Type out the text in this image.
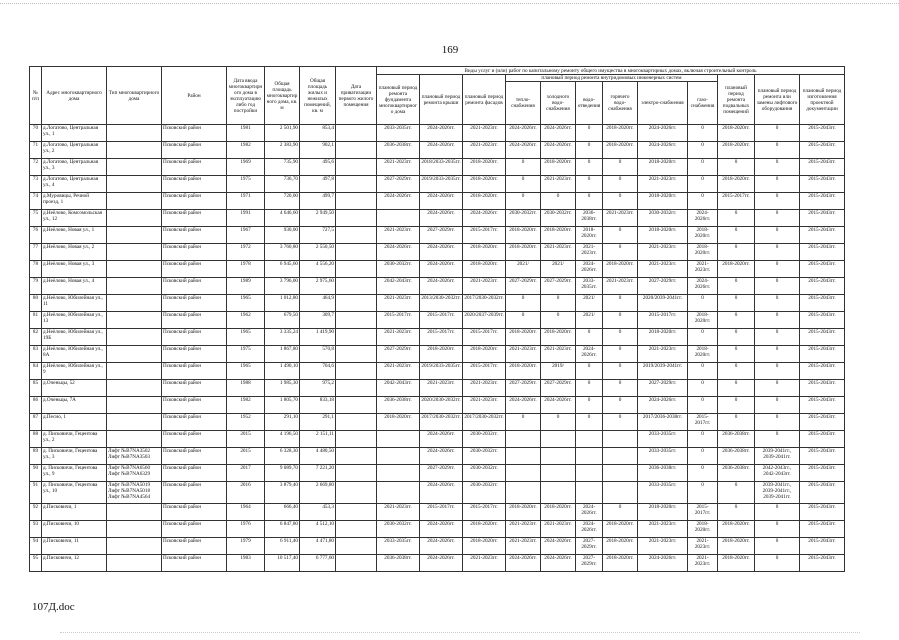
169
№ п/п	Адрес многоквартирного дома	Тип многоквартирного дома	Район	Дата ввода многоквартирного дома в эксплуатацию либо год постройки	Общая площадь многоквартирного дома, кв. м	Общая площадь жилых и нежилых помещений, кв. м	Дата приватизации первого жилого помещения	Виды услуг и (или) работ по капитальному ремонту общего имущества в многоквартирных домах, включая строительный контроль											
								плановый период ремонта фундамента многоквартирного дома	плановый период ремонта крыши	плановый период ремонта фасадов	плановый период ремонта внутридомовых инженерных систем						плановый период ремонта подвальных помещений	плановый период ремонта или замены лифтового оборудования	плановый период изготовления проектной документации
											тепло-снабжения	холодного водо-снабжения	водо-отведения	горячего водо-снабжения	электро-снабжения	газо-снабжения			
70	д.Логатово, Центральная ул., 1		Псковский район	1981	2 501,90	853,4		2033-2035гг.	2024-2026гг.	2021-2023гг.	2024-2026гг.	2024-2026гг.	0	2018-2020гг.	2024-2026гг.	0	2018-2020гг.	0	2015-2043гг.
71	д.Логатово, Центральная ул., 2		Псковский район	1982	2 383,90	902,1		2036-2038гг.	2024-2026гг.	2021-2023гг.	2024-2026гг.	2024-2026гг.	0	2018-2020гг.	2024-2026гг.	0	2018-2020гг.	0	2015-2043гг.
72	д.Логатово, Центральная ул., 3		Псковский район	1969	735,90	495,6		2021-2023гг.	2018/2033-2035гг.	2018-2020гг.	0	2018-2020гг.	0	0	2018-2020гг.	0	0	0	2015-2043гг.
73	д.Логатово, Центральная ул., 4		Псковский район	1975	736,70	497,8		2027-2029гг.	2019/2033-2035гг.	2018-2020гг.	0	2021-2023гг.	0	0	2021-2023гг.	0	2018-2020гг.	0	2015-2043гг.
74	д.Муровицы, Речной проезд, 1		Псковский район	1971	720,00	499,7		2024-2026гг.	2024-2026гг.	2018-2020гг.	0	0	0	0	2018-2020гг.	0	2015-2017гг.	0	2015-2043гг.
75	д.Неёлово, Комсомольская ул., 12		Псковский район	1991	4 646,60	2 949,50			2024-2026гг.	2024-2026гг.	2030-2032гг.	2030-2032гг.	2036-2038гг.	2021-2023гг.	2030-2032гг.	2024-2026гг.	0	0	2015-2043гг.
76	д.Неёлово, Новая ул., 1		Псковский район	1967	930,00	727,5		2021-2023гг.	2027-2029гг.	2015-2017гг.	2018-2020гг.	2018-2020гг.	2018-2020гг.	0	2018-2020гг.	2018-2020гг.	0	0	2015-2043гг.
77	д.Неёлово, Новая ул., 2		Псковский район	1972	3 760,80	2 550,50		2024-2026гг.	2024-2026гг.	2018-2020гг.	2018-2020гг.	2021-2023гг.	2021-2023гг.	0	2021-2023гг.	2018-2020гг.	0	0	2015-2043гг.
78	д.Неёлово, Новая ул., 3		Псковский район	1978	6 945,60	4 556,20		2030-2032гг.	2024-2026гг.	2018-2020гг.	2021/	2021/	2024-2026гг.	2018-2020гг.	2021-2023гг.	2021-2023гг.	2018-2020гг.	0	2015-2043гг.
79	д.Неёлово, Новая ул., 4		Псковский район	1989	3 796,00	2 975,60		2042-2043гг.	2024-2026гг.	2021-2023гг.	2027-2029гг.	2027-2029гг.	2033-2035гг.	2021-2023гг.	2027-2029гг.	2024-2026гг.	0	0	2015-2043гг.
80	д.Неёлово, Юбилейная ул., 11		Псковский район	1965	1 012,80	464,9		2021-2023гг.	2013/2030-2032гг.	2017/2030-2032гг.	0	0	2021/	0	2020/2039-2041гг.	0	0	0	2015-2043гг.
81	д.Неёлово, Юбилейная ул., 13		Псковский район	1962	679,50	309,7		2015-2017гг.	2015-2017гг.	2020/2037-2039гг.	0	0	2021/	0	2015-2017гг.	2018-2020гг.	0	0	2015-2043гг.
82	д.Неёлово, Юбилейная ул., 19Б		Псковский район	1965	3 335,24	1 419,90		2021-2023гг.	2015-2017гг.	2015-2017гг.	2018-2020гг.	2018-2020гг.	0	0	2018-2020гг.	0	0	0	2015-2043гг.
83	д.Неёлово, Юбилейная ул., 8А		Псковский район	1975	1 867,80	570,8		2027-2029гг.	2018-2020гг.	2018-2020гг.	2021-2023гг.	2021-2023гг.	2024-2026гг.	0	2021-2023гг.	2018-2020гг.	0	0	2015-2043гг.
84	д.Неёлово, Юбилейная ул., 9		Псковский район	1965	1 490,10	704,6		2021-2023гг.	2019/2033-2035гг.	2015-2017гг.	2018-2020гг.	2019/	0	0	2019/2039-2041гг.	0	0	0	2015-2043гг.
85	д.Оченьцы, 52		Псковский район	1988	1 985,30	975,2		2042-2043гг.	2021-2023гг.	2021-2023гг.	2027-2029гг.	2027-2029гг.	0	0	2027-2029гг.	0	0	0	2015-2043гг.
86	д.Оченьцы, 7А		Псковский район	1982	1 805,70	833,18		2036-2038гг.	2020/2030-2032гг.	2021-2023гг.	2024-2026гг.	2024-2026гг.	0	0	2024-2026гг.	0	0	0	2015-2043гг.
87	д.Песно, 1		Псковский район	1952	291,10	291,1		2018-2020гг.	2017/2030-2032гг.	2017/2030-2032гг.	0	0	0	0	2017/2036-2038гг.	2015-2017гг.	0	0	2015-2043гг.
88	д. Писковичи, Гецентова ул., 2		Псковский район	2015	4 196,50	2 151,11			2024-2026гг.	2030-2032гг.					2033-2035гг.	0	2036-2038гг.	0	2015-2043гг.
89	д. Писковичи, Гецентова ул., 3	Лифт №В7NA3502 Лифт №В7NA3503	Псковский район	2015	6 328,30	4 480,50			2024-2026гг.	2030-2032гг.					2033-2035гг.	0	2036-2038гг.	2039-2041гг., 2039-2041гг.	2015-2043гг.
90	д. Писковичи, Гецентова ул., 9	Лифт №В7NA6560 Лифт №В7NA6329	Псковский район	2017	9 089,70	7 221,20			2027-2029гг.	2030-2032гг.					2036-2038гг.	0	2036-2038гг.	2042-2043гг., 2042-2043гг.	2015-2043гг.
91	д. Писковичи, Гецентова ул., 10	Лифт №В7NA5019 Лифт №В7NA5018 Лифт №В7NA4564	Псковский район	2016	3 879,40	2 669,80			2024-2026гг.	2030-2032гг.					2033-2035гг.	0	0	2039-2041гг., 2039-2041гг., 2039-2041гг.	2015-2043гг.
92	д.Писковичи, 1		Псковский район	1964	666,40	453,3		2021-2023гг.	2015-2017гг.	2015-2017гг.	2018-2020гг.	2018-2020гг.	2024-2026гг.	0	2018-2020гг.	2015-2017гг.	0	0	2015-2043гг.
93	д.Писковичи, 10		Псковский район	1976	6 847,80	4 512,10		2030-2032гг.	2024-2026гг.	2018-2020гг.	2021-2023гг.	2021-2023гг.	2024-2026гг.	2018-2020гг.	2021-2023гг.	2018-2020гг.	2018-2020гг.	0	2015-2043гг.
94	д.Писковичи, 11		Псковский район	1979	6 911,40	4 471,80		2033-2035гг.	2024-2026гг.	2018-2020гг.	2021-2023гг.	2024-2026гг.	2027-2029гг.	2018-2020гг.	2021-2023гг.	2021-2023гг.	2018-2020гг.	0	2015-2043гг.
95	д.Писковичи, 12		Псковский район	1983	10 517,40	6 777,60		2036-2038гг.	2024-2026гг.	2021-2023гг.	2024-2026гг.	2024-2026гг.	2027-2029гг.	2018-2020гг.	2024-2026гг.	2021-2023гг.	2018-2020гг.	0	2015-2043гг.
107Д.doc
